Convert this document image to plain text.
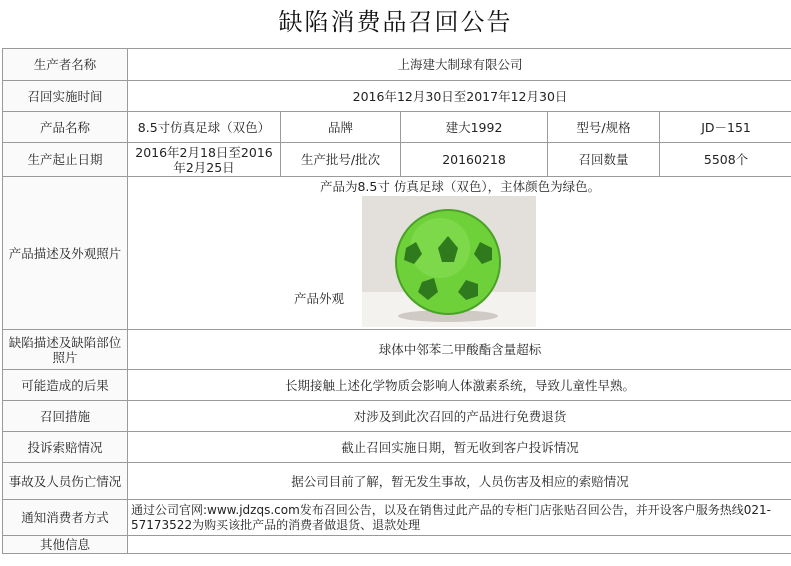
缺陷消费品召回公告
生产者名称	上海建大制球有限公司				
召回实施时间	2016年12月30日至2017年12月30日				
产品名称	8.5寸仿真足球（双色）	品牌	建大1992	型号/规格	JD－151
生产起止日期	2016年2月18日至2016年2月25日	生产批号/批次	20160218	召回数量	5508个
产品描述及外观照片	产品为8.5寸 仿真足球（双色），主体颜色为绿色。
产品外观				

缺陷描述及缺陷部位照片	球体中邻苯二甲酸酯含量超标				
可能造成的后果	长期接触上述化学物质会影响人体激素系统，导致儿童性早熟。				
召回措施	对涉及到此次召回的产品进行免费退货				
投诉索赔情况	截止召回实施日期，暂无收到客户投诉情况				
事故及人员伤亡情况	据公司目前了解，暂无发生事故，人员伤害及相应的索赔情况				
通知消费者方式	通过公司官网:www.jdzqs.com发布召回公告，以及在销售过此产品的专柜门店张贴召回公告，并开设客户服务热线021-57173522为购买该批产品的消费者做退货、退款处理				
其他信息					
